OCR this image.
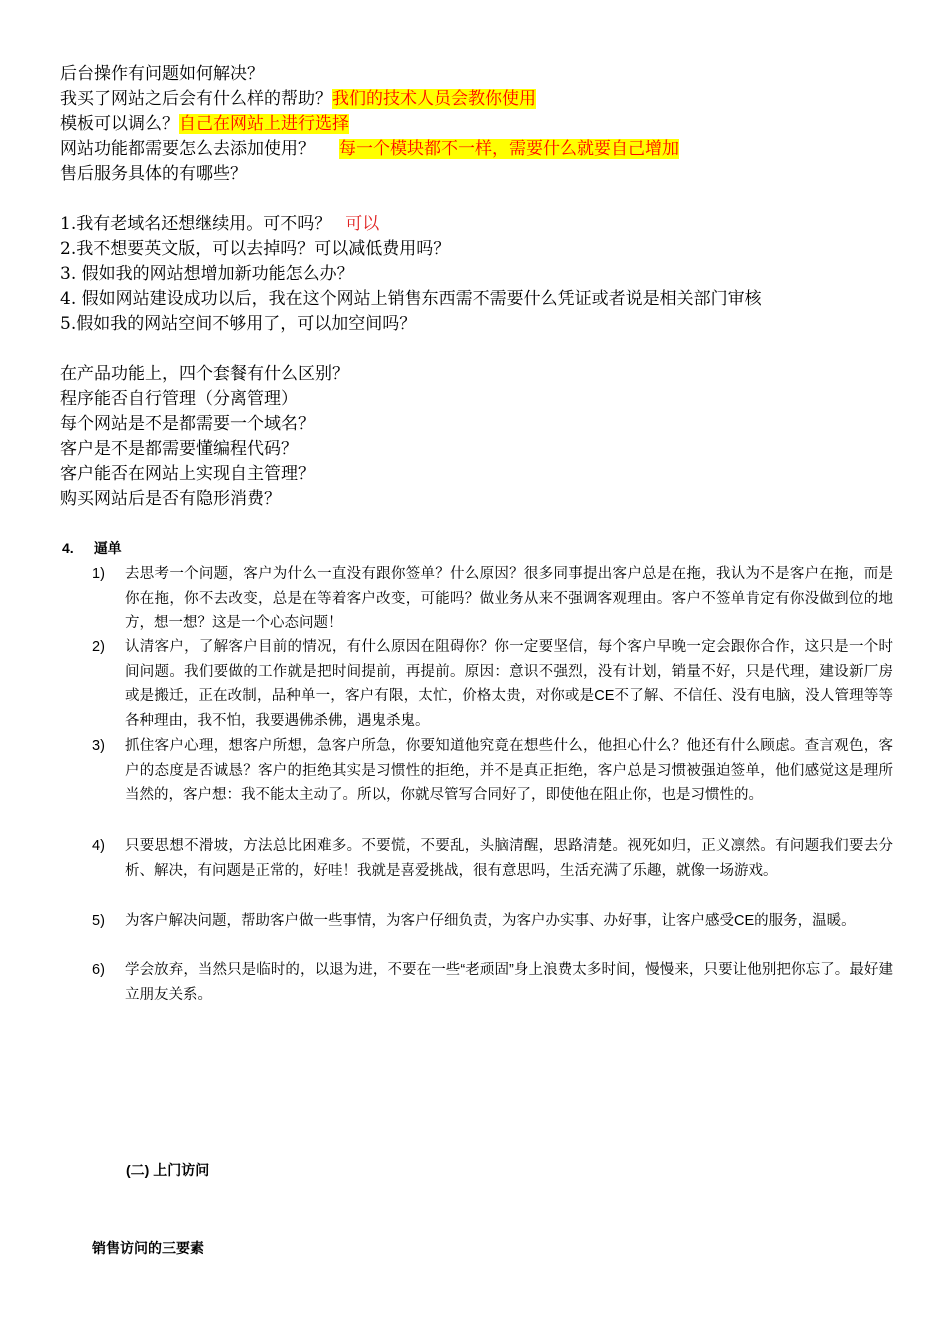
后台操作有问题如何解决？
我买了网站之后会有什么样的帮助？我们的技术人员会教你使用
模板可以调么？自己在网站上进行选择
网站功能都需要怎么去添加使用？ 每一个模块都不一样，需要什么就要自己增加
售后服务具体的有哪些？
1.我有老域名还想继续用。可不吗？ 可以
2.我不想要英文版，可以去掉吗？可以减低费用吗？
3. 假如我的网站想增加新功能怎么办？
4. 假如网站建设成功以后，我在这个网站上销售东西需不需要什么凭证或者说是相关部门审核
5.假如我的网站空间不够用了，可以加空间吗？
在产品功能上，四个套餐有什么区别？
程序能否自行管理（分离管理）
每个网站是不是都需要一个域名？
客户是不是都需要懂编程代码？
客户能否在网站上实现自主管理？
购买网站后是否有隐形消费？
4. 逼单
1) 去思考一个问题，客户为什么一直没有跟你签单？什么原因？很多同事提出客户总是在拖，我认为不是客户在拖，而是你在拖，你不去改变，总是在等着客户改变，可能吗？做业务从来不强调客观理由。客户不签单肯定有你没做到位的地方，想一想？这是一个心态问题！
2) 认清客户，了解客户目前的情况，有什么原因在阻碍你？你一定要坚信，每个客户早晚一定会跟你合作，这只是一个时间问题。我们要做的工作就是把时间提前，再提前。原因：意识不强烈，没有计划，销量不好，只是代理，建设新厂房或是搬迁，正在改制，品种单一，客户有限，太忙，价格太贵，对你或是CE不了解、不信任、没有电脑，没人管理等等各种理由，我不怕，我要遇佛杀佛，遇鬼杀鬼。
3) 抓住客户心理，想客户所想，急客户所急，你要知道他究竟在想些什么，他担心什么？他还有什么顾虑。查言观色，客户的态度是否诚恳？客户的拒绝其实是习惯性的拒绝，并不是真正拒绝，客户总是习惯被强迫签单，他们感觉这是理所当然的，客户想：我不能太主动了。所以，你就尽管写合同好了，即使他在阻止你，也是习惯性的。
4) 只要思想不滑坡，方法总比困难多。不要慌，不要乱，头脑清醒，思路清楚。视死如归，正义凛然。有问题我们要去分析、解决，有问题是正常的，好哇！我就是喜爱挑战，很有意思吗，生活充满了乐趣，就像一场游戏。
5) 为客户解决问题，帮助客户做一些事情，为客户仔细负责，为客户办实事、办好事，让客户感受CE的服务，温暖。
6) 学会放弃，当然只是临时的，以退为进，不要在一些“老顽固”身上浪费太多时间，慢慢来，只要让他别把你忘了。最好建立朋友关系。
(二) 上门访问
销售访问的三要素
